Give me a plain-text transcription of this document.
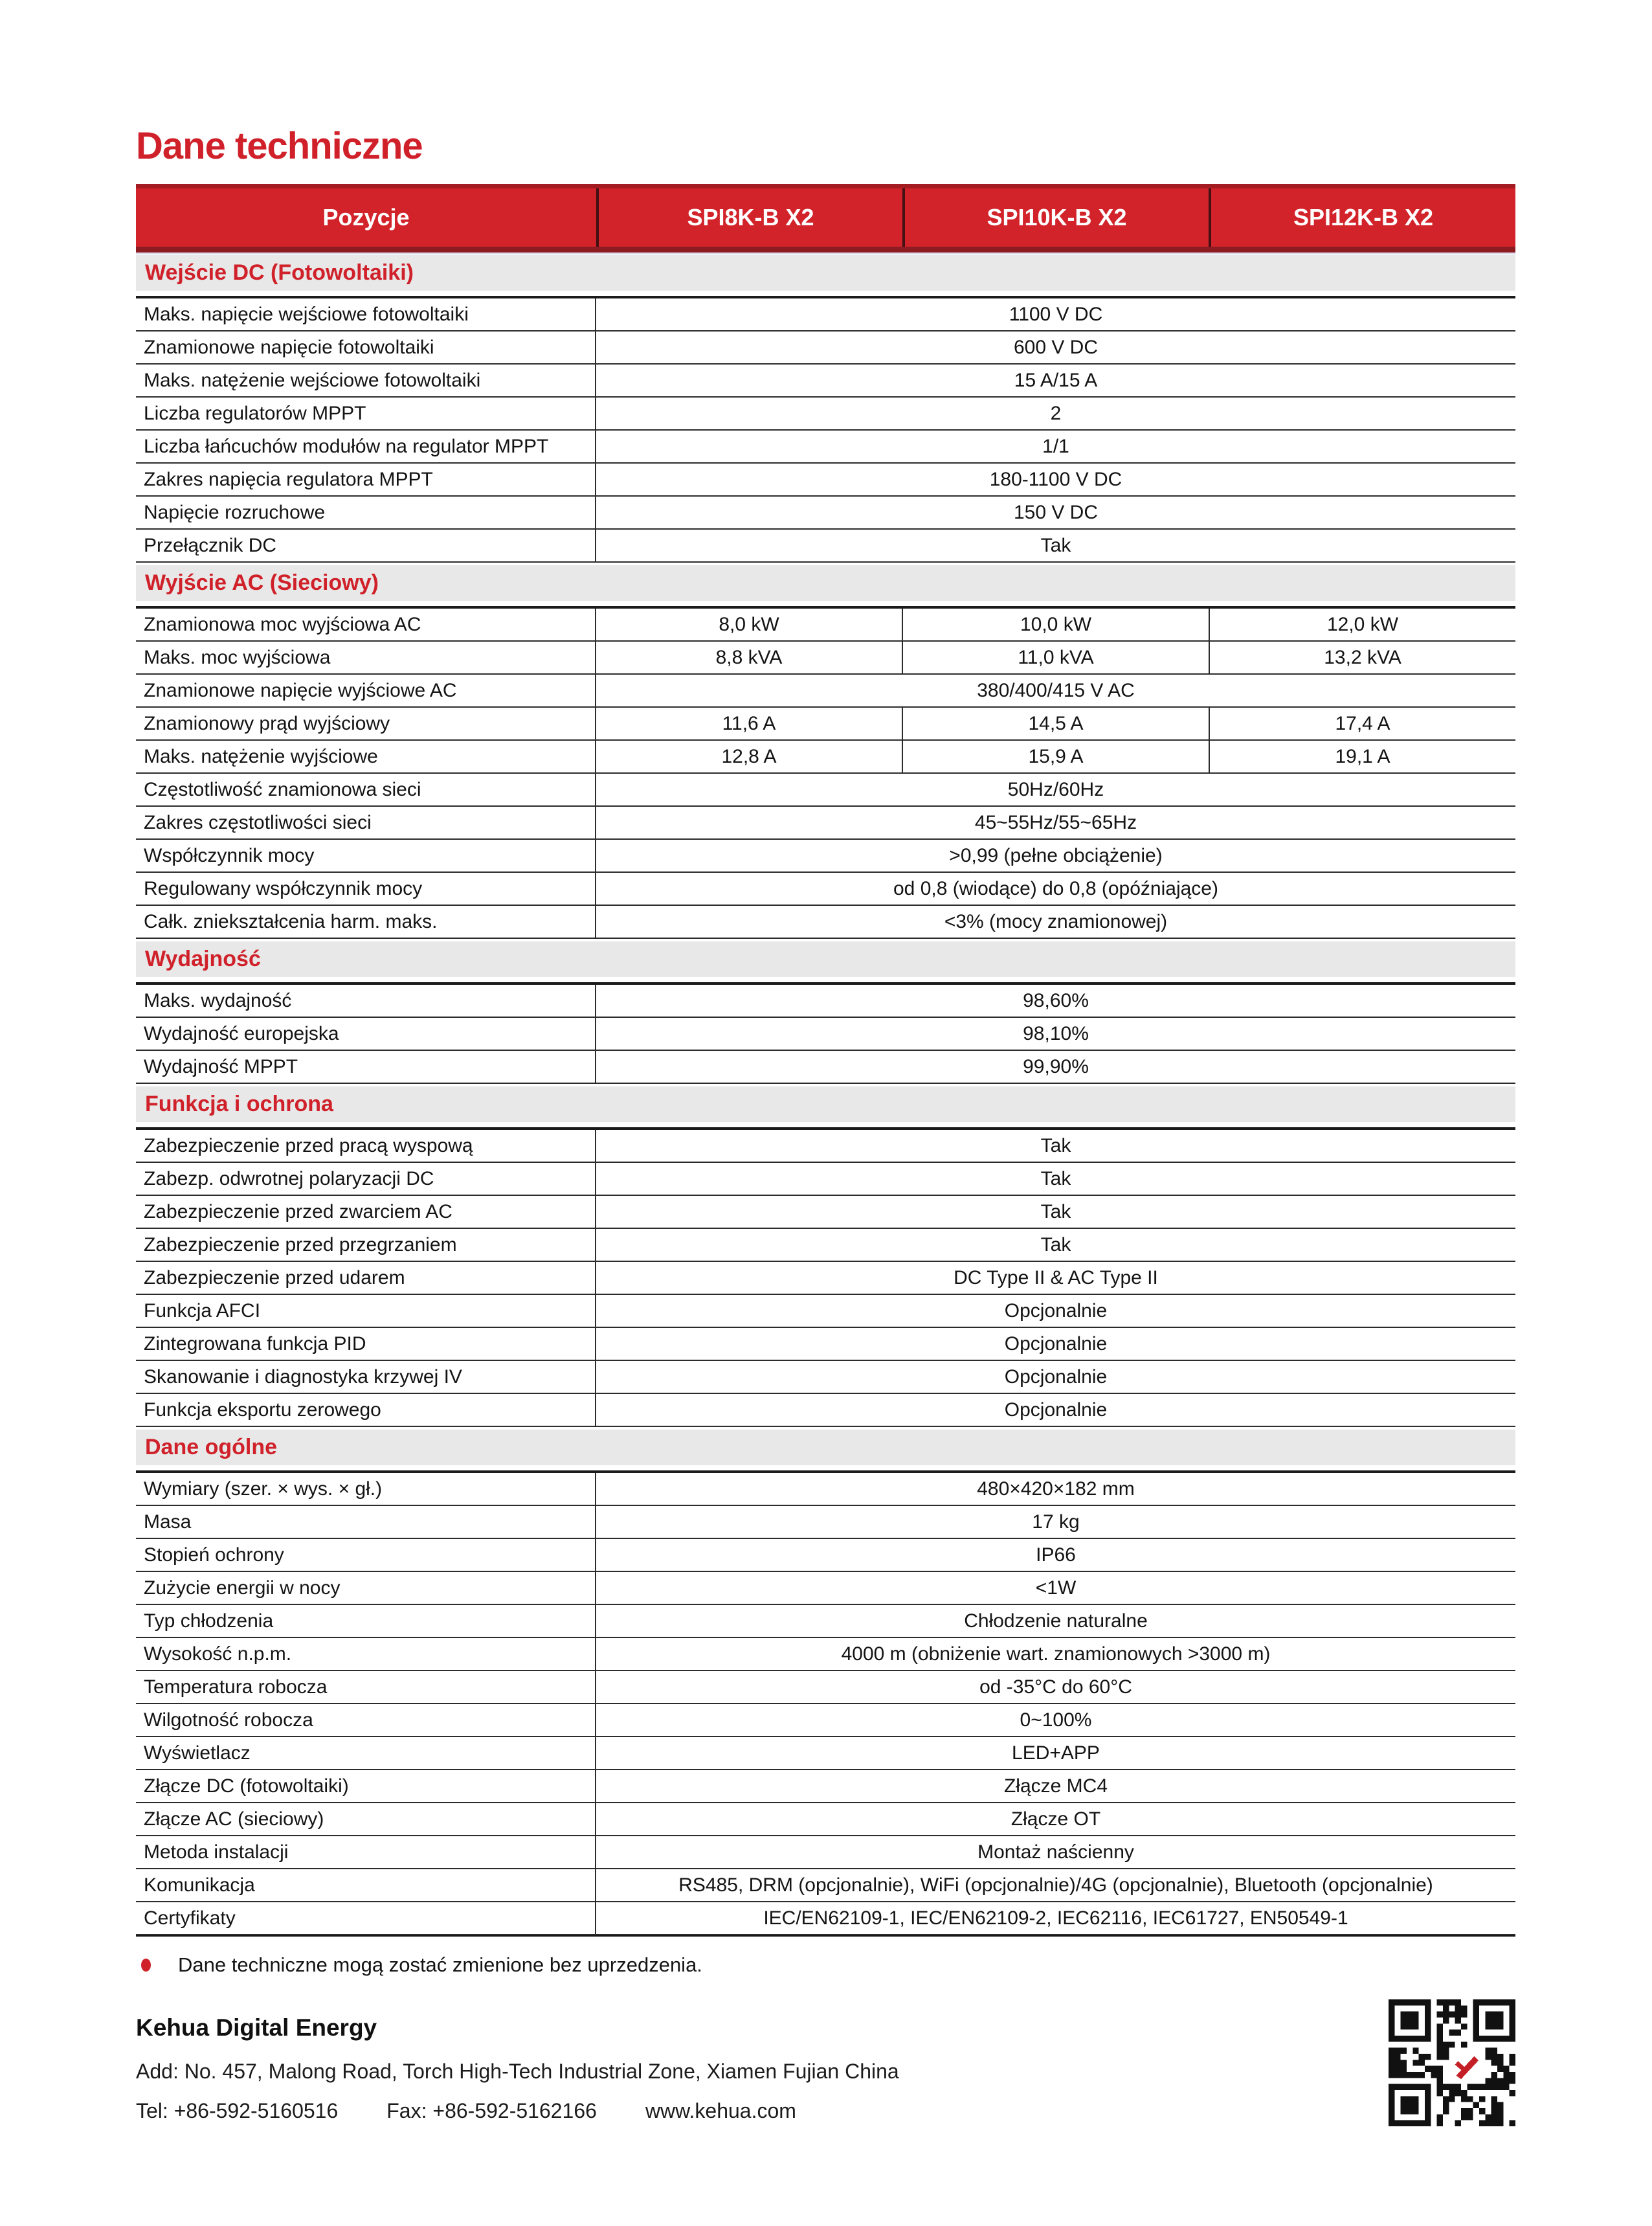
Dane techniczne
Pozycje	SPI8K-B X2	SPI10K-B X2	SPI12K-B X2
Wejście DC (Fotowoltaiki)
Maks. napięcie wejściowe fotowoltaiki	1100 V DC
Znamionowe napięcie fotowoltaiki	600 V DC
Maks. natężenie wejściowe fotowoltaiki	15 A/15 A
Liczba regulatorów MPPT	2
Liczba łańcuchów modułów na regulator MPPT	1/1
Zakres napięcia regulatora MPPT	180-1100 V DC
Napięcie rozruchowe	150 V DC
Przełącznik DC	Tak
Wyjście AC (Sieciowy)
Znamionowa moc wyjściowa AC	8,0 kW	10,0 kW	12,0 kW
Maks. moc wyjściowa	8,8 kVA	11,0 kVA	13,2 kVA
Znamionowe napięcie wyjściowe AC	380/400/415 V AC
Znamionowy prąd wyjściowy	11,6 A	14,5 A	17,4 A
Maks. natężenie wyjściowe	12,8 A	15,9 A	19,1 A
Częstotliwość znamionowa sieci	50Hz/60Hz
Zakres częstotliwości sieci	45~55Hz/55~65Hz
Współczynnik mocy	>0,99 (pełne obciążenie)
Regulowany współczynnik mocy	od 0,8 (wiodące) do 0,8 (opóźniające)
Całk. zniekształcenia harm. maks.	<3% (mocy znamionowej)
Wydajność
Maks. wydajność	98,60%
Wydajność europejska	98,10%
Wydajność MPPT	99,90%
Funkcja i ochrona
Zabezpieczenie przed pracą wyspową	Tak
Zabezp. odwrotnej polaryzacji DC	Tak
Zabezpieczenie przed zwarciem AC	Tak
Zabezpieczenie przed przegrzaniem	Tak
Zabezpieczenie przed udarem	DC Type II & AC Type II
Funkcja AFCI	Opcjonalnie
Zintegrowana funkcja PID	Opcjonalnie
Skanowanie i diagnostyka krzywej IV	Opcjonalnie
Funkcja eksportu zerowego	Opcjonalnie
Dane ogólne
Wymiary (szer. × wys. × gł.)	480×420×182 mm
Masa	17 kg
Stopień ochrony	IP66
Zużycie energii w nocy	<1W
Typ chłodzenia	Chłodzenie naturalne
Wysokość n.p.m.	4000 m (obniżenie wart. znamionowych >3000 m)
Temperatura robocza	od -35°C do 60°C
Wilgotność robocza	0~100%
Wyświetlacz	LED+APP
Złącze DC (fotowoltaiki)	Złącze MC4
Złącze AC (sieciowy)	Złącze OT
Metoda instalacji	Montaż naścienny
Komunikacja	RS485, DRM (opcjonalnie), WiFi (opcjonalnie)/4G (opcjonalnie), Bluetooth (opcjonalnie)
Certyfikaty	IEC/EN62109-1, IEC/EN62109-2, IEC62116, IEC61727, EN50549-1
Dane techniczne mogą zostać zmienione bez uprzedzenia.
Kehua Digital Energy
Add: No. 457, Malong Road, Torch High-Tech Industrial Zone, Xiamen Fujian China
Tel: +86-592-5160516 Fax: +86-592-5162166 www.kehua.com
